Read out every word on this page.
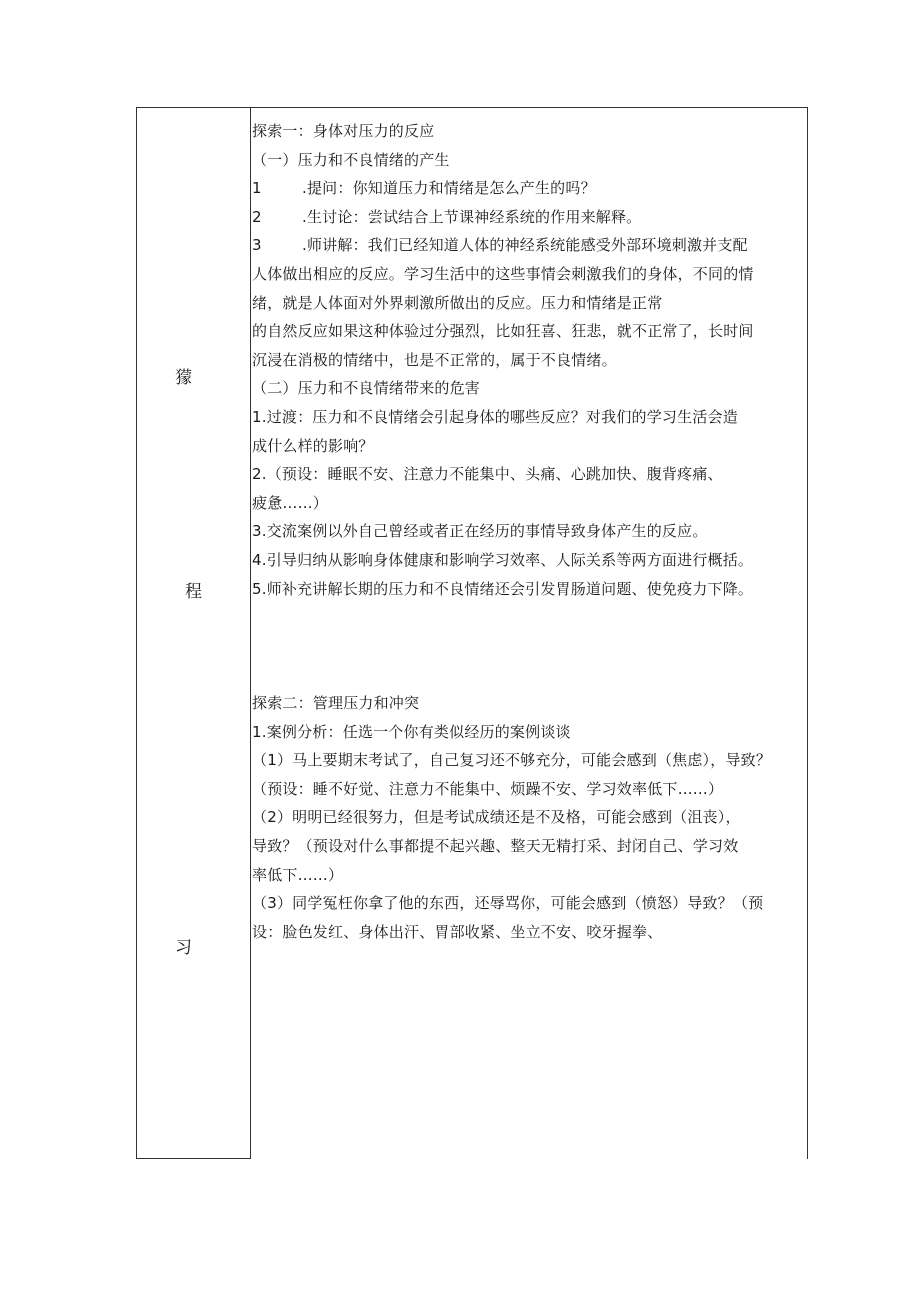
獴
程
习
探索一：身体对压力的反应
（一）压力和不良情绪的产生
1	.提问：你知道压力和情绪是怎么产生的吗？
2	.生讨论：尝试结合上节课神经系统的作用来解释。
3	.师讲解：我们已经知道人体的神经系统能感受外部环境刺激并支配
人体做出相应的反应。学习生活中的这些事情会刺激我们的身体，不同的情
绪，就是人体面对外界刺激所做出的反应。压力和情绪是正常
的自然反应如果这种体验过分强烈，比如狂喜、狂悲，就不正常了，长时间
沉浸在消极的情绪中，也是不正常的，属于不良情绪。
（二）压力和不良情绪带来的危害
1.过渡：压力和不良情绪会引起身体的哪些反应？对我们的学习生活会造
成什么样的影响？
2.（预设：睡眠不安、注意力不能集中、头痛、心跳加快、腹背疼痛、
疲惫……）
3.交流案例以外自己曾经或者正在经历的事情导致身体产生的反应。
4.引导归纳从影响身体健康和影响学习效率、人际关系等两方面进行概括。
5.师补充讲解长期的压力和不良情绪还会引发胃肠道问题、使免疫力下降。
探索二：管理压力和冲突
1.案例分析：任选一个你有类似经历的案例谈谈
（1）马上要期末考试了，自己复习还不够充分，可能会感到（焦虑），导致？
（预设：睡不好觉、注意力不能集中、烦躁不安、学习效率低下……）
（2）明明已经很努力，但是考试成绩还是不及格，可能会感到（沮丧），
导致？（预设对什么事都提不起兴趣、整天无精打采、封闭自己、学习效
率低下……）
（3）同学冤枉你拿了他的东西，还辱骂你，可能会感到（愤怒）导致？（预
设：脸色发红、身体出汗、胃部收紧、坐立不安、咬牙握拳、
